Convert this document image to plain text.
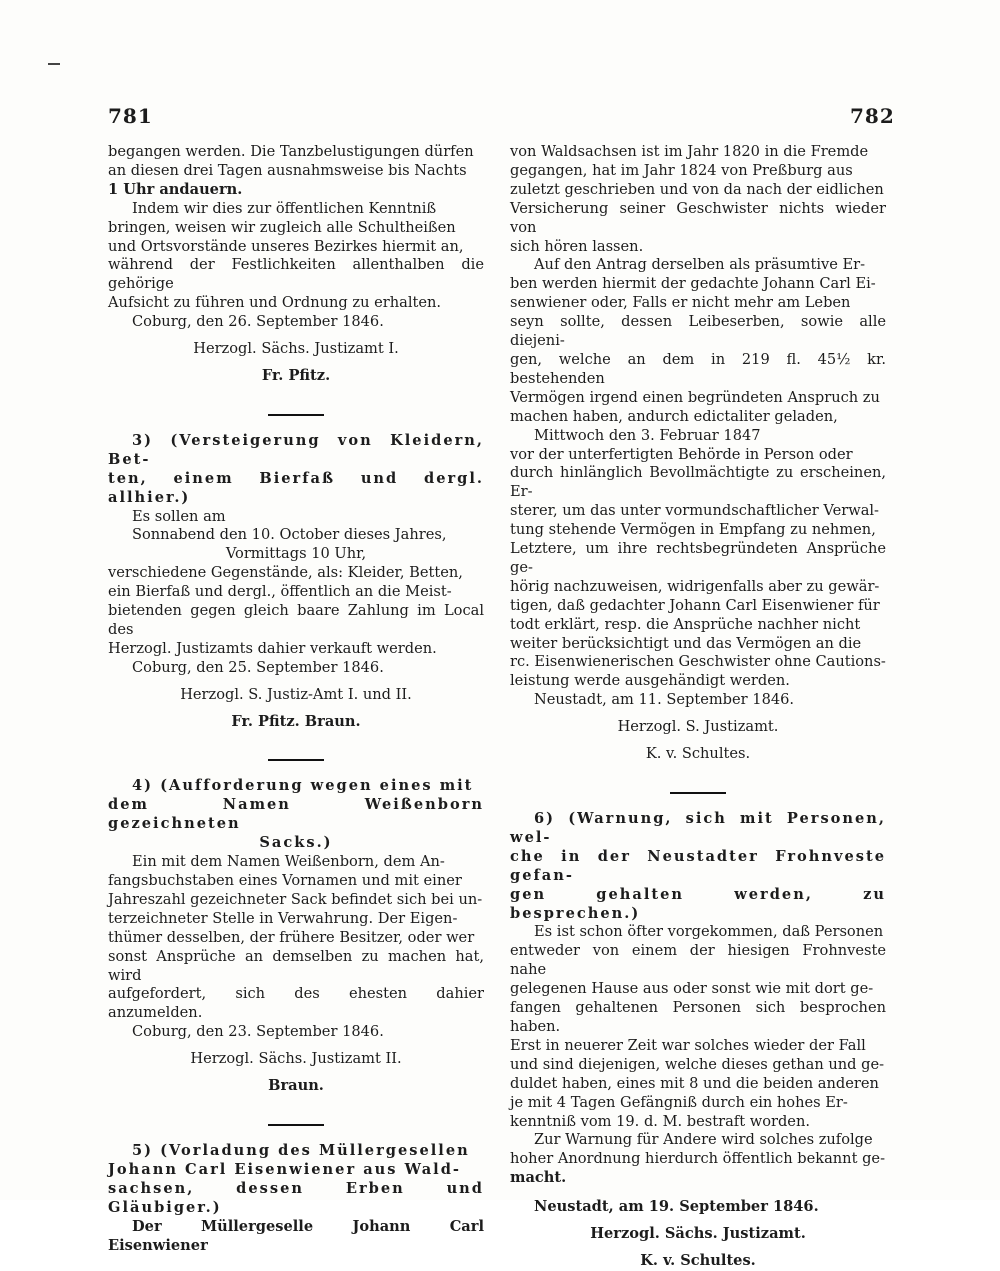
781	782
begangen werden. Die Tanzbelustigungen dürfen
an diesen drei Tagen ausnahmsweise bis Nachts
1 Uhr andauern.
Indem wir dies zur öffentlichen Kenntniß
bringen, weisen wir zugleich alle Schultheißen
und Ortsvorstände unseres Bezirkes hiermit an,
während der Festlichkeiten allenthalben die gehörige
Aufsicht zu führen und Ordnung zu erhalten.
Coburg, den 26. September 1846.
Herzogl. Sächs. Justizamt I.
Fr. Pfitz.
3) (Versteigerung von Kleidern, Bet-
ten, einem Bierfaß und dergl. allhier.)
Es sollen am
Sonnabend den 10. October dieses Jahres,
Vormittags 10 Uhr,
verschiedene Gegenstände, als: Kleider, Betten,
ein Bierfaß und dergl., öffentlich an die Meist-
bietenden gegen gleich baare Zahlung im Local des
Herzogl. Justizamts dahier verkauft werden.
Coburg, den 25. September 1846.
Herzogl. S. Justiz-Amt I. und II.
Fr. Pfitz. Braun.
4) (Aufforderung wegen eines mit
dem Namen Weißenborn gezeichneten
Sacks.)
Ein mit dem Namen Weißenborn, dem An-
fangsbuchstaben eines Vornamen und mit einer
Jahreszahl gezeichneter Sack befindet sich bei un-
terzeichneter Stelle in Verwahrung. Der Eigen-
thümer desselben, der frühere Besitzer, oder wer
sonst Ansprüche an demselben zu machen hat, wird
aufgefordert, sich des ehesten dahier anzumelden.
Coburg, den 23. September 1846.
Herzogl. Sächs. Justizamt II.
Braun.
5) (Vorladung des Müllergesellen
Johann Carl Eisenwiener aus Wald-
sachsen, dessen Erben und Gläubiger.)
Der Müllergeselle Johann Carl Eisenwiener
von Waldsachsen ist im Jahr 1820 in die Fremde
gegangen, hat im Jahr 1824 von Preßburg aus
zuletzt geschrieben und von da nach der eidlichen
Versicherung seiner Geschwister nichts wieder von
sich hören lassen.
Auf den Antrag derselben als präsumtive Er-
ben werden hiermit der gedachte Johann Carl Ei-
senwiener oder, Falls er nicht mehr am Leben
seyn sollte, dessen Leibeserben, sowie alle diejeni-
gen, welche an dem in 219 fl. 45½ kr. bestehenden
Vermögen irgend einen begründeten Anspruch zu
machen haben, andurch edictaliter geladen,
Mittwoch den 3. Februar 1847
vor der unterfertigten Behörde in Person oder
durch hinlänglich Bevollmächtigte zu erscheinen, Er-
sterer, um das unter vormundschaftlicher Verwal-
tung stehende Vermögen in Empfang zu nehmen,
Letztere, um ihre rechtsbegründeten Ansprüche ge-
hörig nachzuweisen, widrigenfalls aber zu gewär-
tigen, daß gedachter Johann Carl Eisenwiener für
todt erklärt, resp. die Ansprüche nachher nicht
weiter berücksichtigt und das Vermögen an die
rc. Eisenwienerischen Geschwister ohne Cautions-
leistung werde ausgehändigt werden.
Neustadt, am 11. September 1846.
Herzogl. S. Justizamt.
K. v. Schultes.
6) (Warnung, sich mit Personen, wel-
che in der Neustadter Frohnveste gefan-
gen gehalten werden, zu besprechen.)
Es ist schon öfter vorgekommen, daß Personen
entweder von einem der hiesigen Frohnveste nahe
gelegenen Hause aus oder sonst wie mit dort ge-
fangen gehaltenen Personen sich besprochen haben.
Erst in neuerer Zeit war solches wieder der Fall
und sind diejenigen, welche dieses gethan und ge-
duldet haben, eines mit 8 und die beiden anderen
je mit 4 Tagen Gefängniß durch ein hohes Er-
kenntniß vom 19. d. M. bestraft worden.
Zur Warnung für Andere wird solches zufolge
hoher Anordnung hierdurch öffentlich bekannt ge-
macht.
Neustadt, am 19. September 1846.
Herzogl. Sächs. Justizamt.
K. v. Schultes.
